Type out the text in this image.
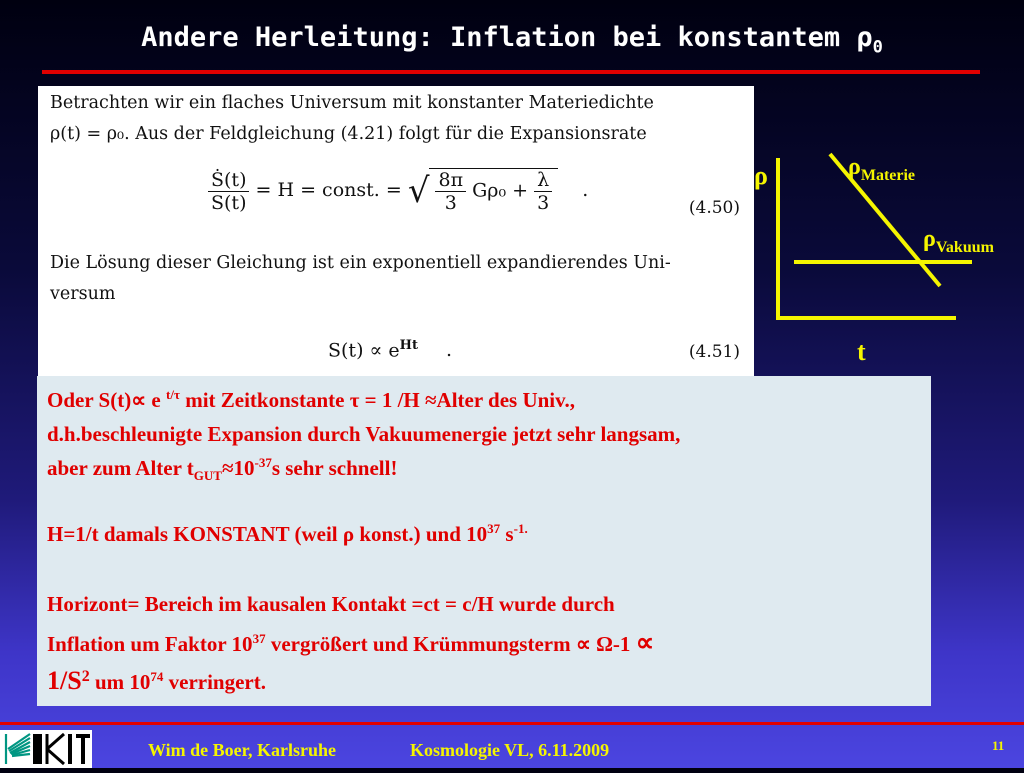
Andere Herleitung: Inflation bei konstantem $\rho_0$
Betrachten wir ein flaches Universum mit konstanter Materiedichte
ρ(t) = ρ₀. Aus der Feldgleichung (4.21) folgt für die Expansionsrate
$\frac{\text{Ṡ(t)}}{S(t)} = H$ = const. = √ $\frac{8\pi}{3} G\rho_0 + \frac{\lambda}{3}$ .
(4.50)
Die Lösung dieser Gleichung ist ein exponentiell expandierendes Uni-
versum
$S(t) \propto e^{Ht}$ .	(4.51)
ρ
t
$\rho_{Materie}$
$\rho_{Vakuum}$
Oder S(t)∝ e $^{t/\tau}$ mit Zeitkonstante τ = 1 /H ≈Alter des Univ.,
d.h.beschleunigte Expansion durch Vakuumenergie jetzt sehr langsam,
aber zum Alter $t_{GUT}\approx 10^{-37}s$ sehr schnell!
H=1/t damals KONSTANT (weil ρ konst.) und $10^{37}$ $s^{-1.}$
Horizont= Bereich im kausalen Kontakt =ct = c/H wurde durch
Inflation um Faktor $10^{37}$ vergrößert und Krümmungsterm ∝ Ω-1 ∝
$1/S^2$ um $10^{74}$ verringert.
Wim de Boer, Karlsruhe	Kosmologie VL, 6.11.2009	11
